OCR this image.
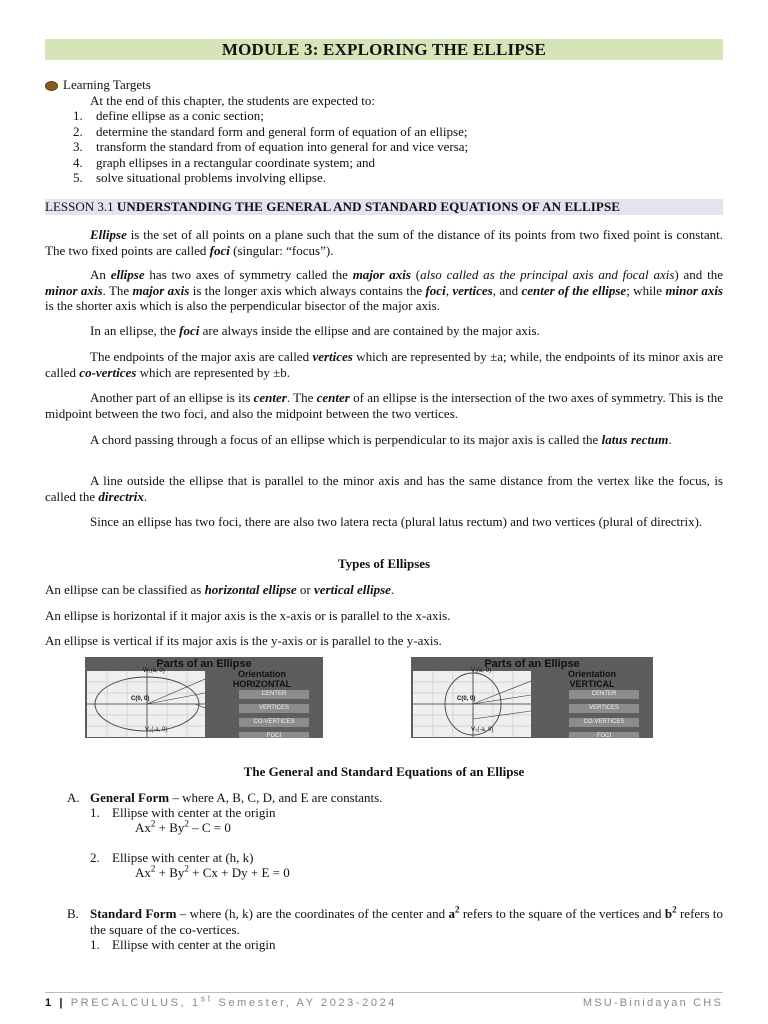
MODULE 3: EXPLORING THE ELLIPSE
Learning Targets
At the end of this chapter, the students are expected to:
1. define ellipse as a conic section;
2. determine the standard form and general form of equation of an ellipse;
3. transform the standard from of equation into general for and vice versa;
4. graph ellipses in a rectangular coordinate system; and
5. solve situational problems involving ellipse.
LESSON 3.1 UNDERSTANDING THE GENERAL AND STANDARD EQUATIONS OF AN ELLIPSE

Ellipse is the set of all points on a plane such that the sum of the distance of its points from two fixed point is constant. The two fixed points are called foci (singular: “focus”).

An ellipse has two axes of symmetry called the major axis (also called as the principal axis and focal axis) and the minor axis. The major axis is the longer axis which always contains the foci, vertices, and center of the ellipse; while minor axis is the shorter axis which is also the perpendicular bisector of the major axis.

In an ellipse, the foci are always inside the ellipse and are contained by the major axis.

The endpoints of the major axis are called vertices which are represented by ±a; while, the endpoints of its minor axis are called co-vertices which are represented by ±b.

Another part of an ellipse is its center. The center of an ellipse is the intersection of the two axes of symmetry. This is the midpoint between the two foci, and also the midpoint between the two vertices.

A chord passing through a focus of an ellipse which is perpendicular to its major axis is called the latus rectum.

A line outside the ellipse that is parallel to the minor axis and has the same distance from the vertex like the focus, is called the directrix.

Since an ellipse has two foci, there are also two latera recta (plural latus rectum) and two vertices (plural of directrix).

Types of Ellipses
An ellipse can be classified as horizontal ellipse or vertical ellipse.
An ellipse is horizontal if it major axis is the x-axis or is parallel to the x-axis.
An ellipse is vertical if its major axis is the y-axis or is parallel to the y-axis.
Parts of an Ellipse
W₁(a, 0)
C(0, 0)
V₂(-a, 0)
Orientation
HORIZONTAL
CENTER
VERTICES
CO-VERTICES
FOCI
Parts of an Ellipse
V₁(a, 0)
C(0, 0)
V₂(-a, 0)
Orientation
VERTICAL
CENTER
VERTICES
CO-VERTICES
FOCI
The General and Standard Equations of an Ellipse
A. General Form – where A, B, C, D, and E are constants.
1. Ellipse with center at the origin
$Ax^2 + By^2 - C = 0$
2. Ellipse with center at (h, k)
$Ax^2 + By^2 + Cx + Dy + E = 0$
B. Standard Form – where (h, k) are the coordinates of the center and $a^2$ refers to the square of the vertices and $b^2$ refers to the square of the co-vertices.
1. Ellipse with center at the origin
1 | PRECALCULUS, 1st Semester, AY 2023-2024	MSU-Binidayan CHS
